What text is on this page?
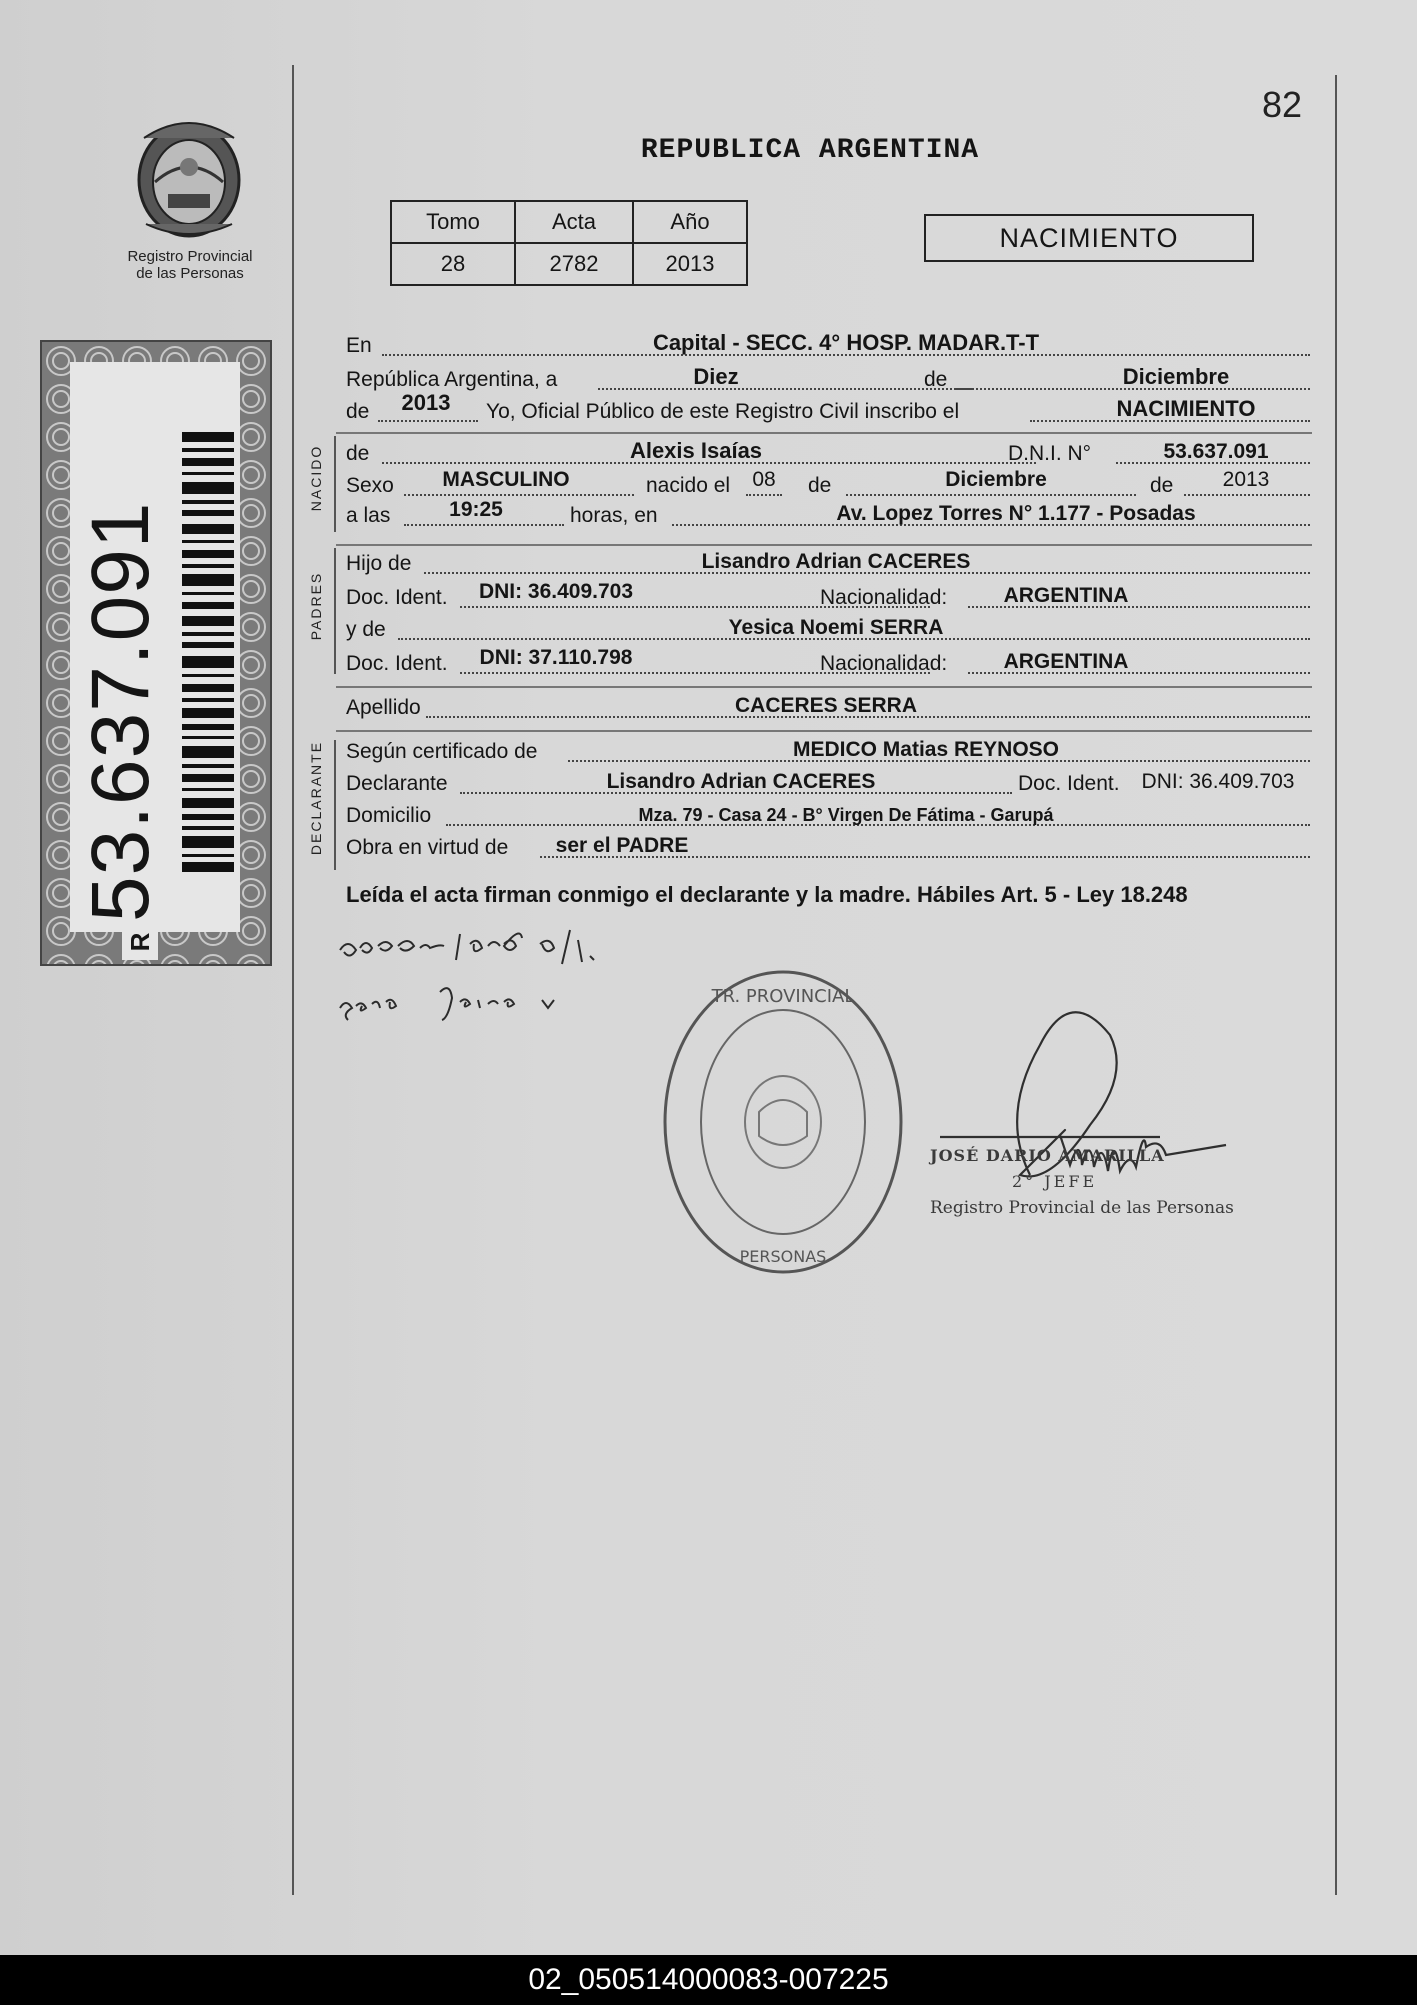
Registro Provincial
de las Personas
53.637.091
R
82
REPUBLICA ARGENTINA
Tomo	Acta	Año
28	2782	2013
NACIMIENTO
En	Capital - SECC. 4° HOSP. MADAR.T-T
República Argentina, a	Diez	de	Diciembre
de	2013	Yo, Oficial Público de este Registro Civil inscribo el	NACIMIENTO
NACIDO de	Alexis Isaías	D.N.I. N°	53.637.091
Sexo	MASCULINO	nacido el	08	de	Diciembre	de	2013
a las	19:25	horas, en	Av. Lopez Torres N° 1.177 - Posadas
PADRES
Hijo de	Lisandro Adrian CACERES
Doc. Ident.	DNI: 36.409.703	Nacionalidad:	ARGENTINA
y de	Yesica Noemi SERRA
Doc. Ident.	DNI: 37.110.798	Nacionalidad:	ARGENTINA
Apellido	CACERES SERRA
DECLARANTE Según certificado de	MEDICO Matias REYNOSO
Declarante	Lisandro Adrian CACERES	Doc. Ident.	DNI: 36.409.703
Domicilio	Mza. 79 - Casa 24 - B° Virgen De Fátima - Garupá
Obra en virtud de	ser el PADRE
Leída el acta firman conmigo el declarante y la madre. Hábiles Art. 5 - Ley 18.248
TR. PROVINCIAL
PERSONAS
JOSÉ DARIO AMARILLA
2° JEFE
Registro Provincial de las Personas
02_050514000083-007225
